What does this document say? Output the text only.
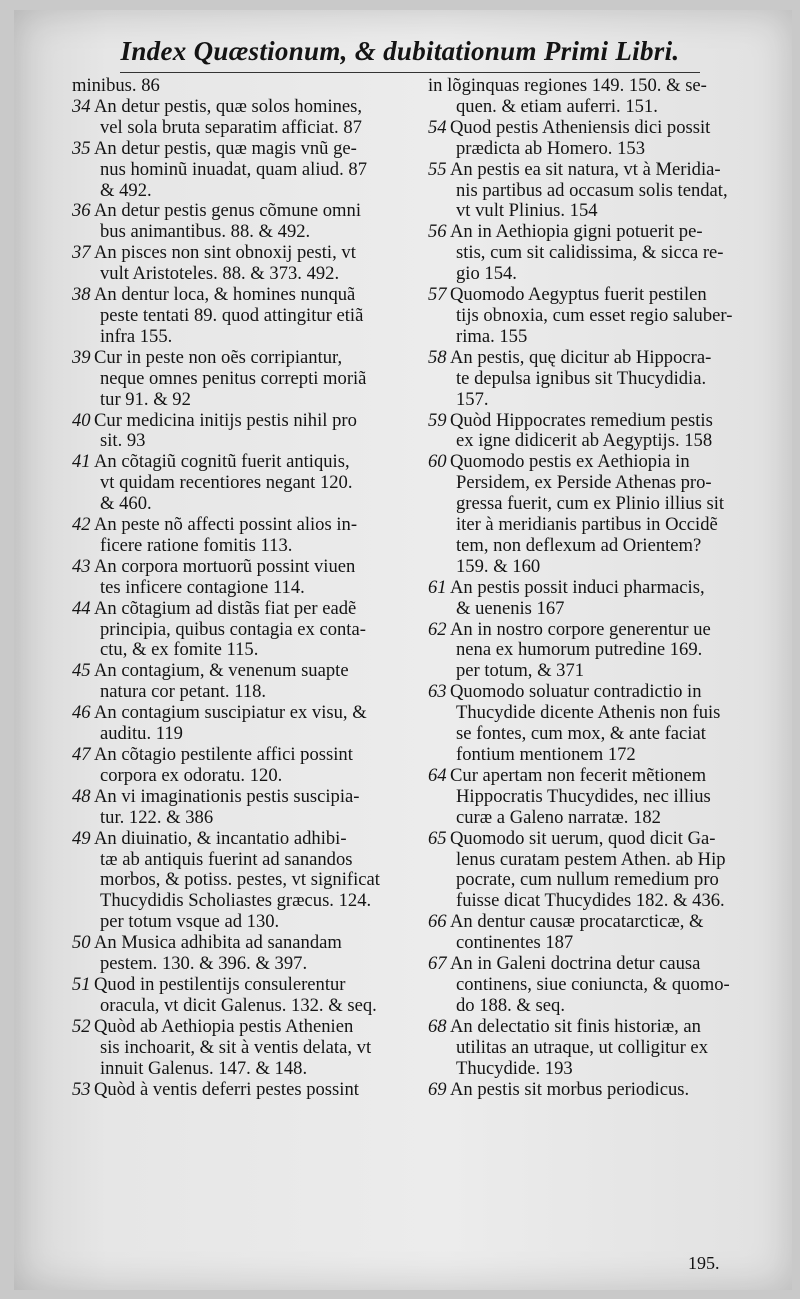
Index Quæstionum, & dubitationum Primi Libri.
minibus. 86
34 An detur pestis, quæ solos homines,
vel sola bruta separatim afficiat. 87
35 An detur pestis, quæ magis vnũ ge-
nus hominũ inuadat, quam aliud. 87
& 492.
36 An detur pestis genus cõmune omni
bus animantibus. 88. & 492.
37 An pisces non sint obnoxij pesti, vt
vult Aristoteles. 88. & 373. 492.
38 An dentur loca, & homines nunquã
peste tentati 89. quod attingitur etiã
infra 155.
39 Cur in peste non oẽs corripiantur,
neque omnes penitus correpti moriã
tur 91. & 92
40 Cur medicina initijs pestis nihil pro
sit. 93
41 An cõtagiũ cognitũ fuerit antiquis,
vt quidam recentiores negant 120.
& 460.
42 An peste nõ affecti possint alios in-
ficere ratione fomitis 113.
43 An corpora mortuorũ possint viuen
tes inficere contagione 114.
44 An cõtagium ad distãs fiat per eadẽ
principia, quibus contagia ex conta-
ctu, & ex fomite 115.
45 An contagium, & venenum suapte
natura cor petant. 118.
46 An contagium suscipiatur ex visu, &
auditu. 119
47 An cõtagio pestilente affici possint
corpora ex odoratu. 120.
48 An vi imaginationis pestis suscipia-
tur. 122. & 386
49 An diuinatio, & incantatio adhibi-
tæ ab antiquis fuerint ad sanandos
morbos, & potiss. pestes, vt significat
Thucydidis Scholiastes græcus. 124.
per totum vsque ad 130.
50 An Musica adhibita ad sanandam
pestem. 130. & 396. & 397.
51 Quod in pestilentijs consulerentur
oracula, vt dicit Galenus. 132. & seq.
52 Quòd ab Aethiopia pestis Athenien
sis inchoarit, & sit à ventis delata, vt
innuit Galenus. 147. & 148.
53 Quòd à ventis deferri pestes possint
in lõginquas regiones 149. 150. & se-
quen. & etiam auferri. 151.
54 Quod pestis Atheniensis dici possit
prædicta ab Homero. 153
55 An pestis ea sit natura, vt à Meridia-
nis partibus ad occasum solis tendat,
vt vult Plinius. 154
56 An in Aethiopia gigni potuerit pe-
stis, cum sit calidissima, & sicca re-
gio 154.
57 Quomodo Aegyptus fuerit pestilen
tijs obnoxia, cum esset regio saluber-
rima. 155
58 An pestis, quę dicitur ab Hippocra-
te depulsa ignibus sit Thucydidia.
157.
59 Quòd Hippocrates remedium pestis
ex igne didicerit ab Aegyptijs. 158
60 Quomodo pestis ex Aethiopia in
Persidem, ex Perside Athenas pro-
gressa fuerit, cum ex Plinio illius sit
iter à meridianis partibus in Occidẽ
tem, non deflexum ad Orientem?
159. & 160
61 An pestis possit induci pharmacis,
& uenenis 167
62 An in nostro corpore generentur ue
nena ex humorum putredine 169.
per totum, & 371
63 Quomodo soluatur contradictio in
Thucydide dicente Athenis non fuis
se fontes, cum mox, & ante faciat
fontium mentionem 172
64 Cur apertam non fecerit mẽtionem
Hippocratis Thucydides, nec illius
curæ a Galeno narratæ. 182
65 Quomodo sit uerum, quod dicit Ga-
lenus curatam pestem Athen. ab Hip
pocrate, cum nullum remedium pro
fuisse dicat Thucydides 182. & 436.
66 An dentur causæ procatarcticæ, &
continentes 187
67 An in Galeni doctrina detur causa
continens, siue coniuncta, & quomo-
do 188. & seq.
68 An delectatio sit finis historiæ, an
utilitas an utraque, ut colligitur ex
Thucydide. 193
69 An pestis sit morbus periodicus.
195.
